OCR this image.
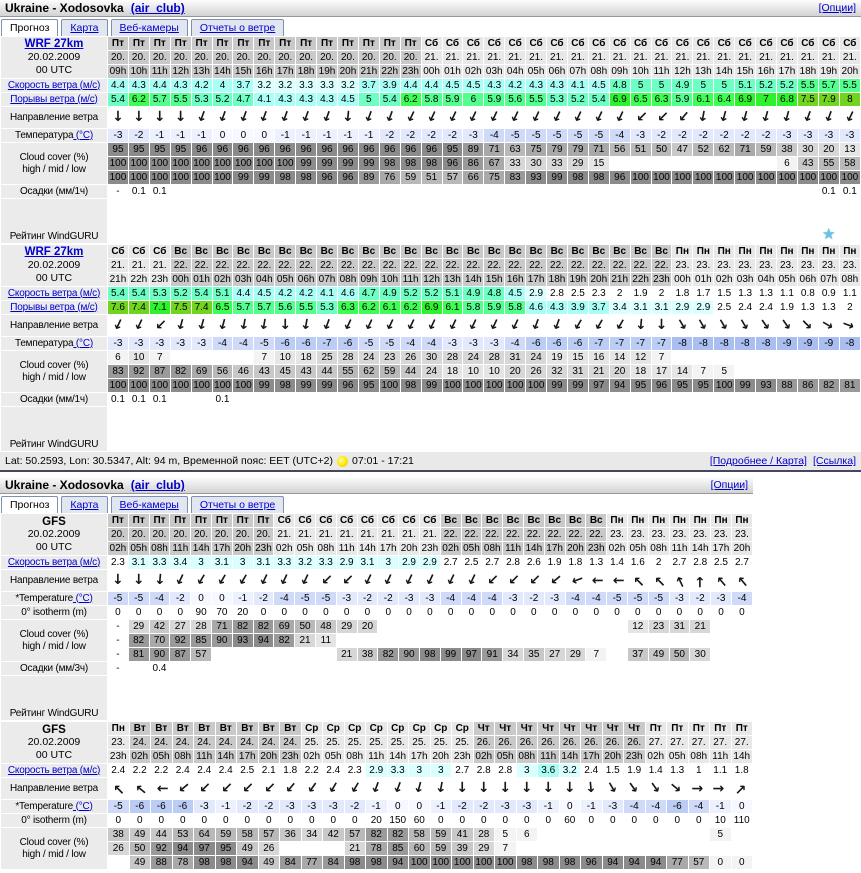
Ukraine - Xodosovka (air_club)	[Опции]
Прогноз	Карта	Веб-камеры	Отчеты о ветре
WRF 27km
20.02.2009
00 UTC	Пт	Пт	Пт	Пт	Пт	Пт	Пт	Пт	Пт	Пт	Пт	Пт	Пт	Пт	Пт	Сб	Сб	Сб	Сб	Сб	Сб	Сб	Сб	Сб	Сб	Сб	Сб	Сб	Сб	Сб	Сб	Сб	Сб	Сб	Сб	Сб
	20.	20.	20.	20.	20.	20.	20.	20.	20.	20.	20.	20.	20.	20.	20.	21.	21.	21.	21.	21.	21.	21.	21.	21.	21.	21.	21.	21.	21.	21.	21.	21.	21.	21.	21.	21.
	09h	10h	11h	12h	13h	14h	15h	16h	17h	18h	19h	20h	21h	22h	23h	00h	01h	02h	03h	04h	05h	06h	07h	08h	09h	10h	11h	12h	13h	14h	15h	16h	17h	18h	19h	20h
Скорость ветра (м/с)	4.4	4.3	4.4	4.3	4.2	4	3.7	3.2	3.2	3.3	3.3	3.2	3.7	3.9	4.4	4.4	4.5	4.5	4.3	4.2	4.3	4.3	4.1	4.5	4.8	5	5	4.9	5	5	5.1	5.2	5.2	5.5	5.7	5.5
Порывы ветра (м/с)	5.4	6.2	5.7	5.5	5.3	5.2	4.7	4.1	4.3	4.3	4.3	4.5	5	5.4	6.2	5.8	5.9	6	5.9	5.6	5.5	5.3	5.2	5.4	6.9	6.5	6.3	5.9	6.1	6.4	6.9	7	6.8	7.5	7.9	8
Направление ветра	↓	↓	↓	↓	↓	↓	↓	↓	↓	↓	↓	↓	↓	↓	↓	↓	↓	↓	↓	↓	↓	↓	↓	↓	↓	↓	↓	↓	↓	↓	↓	↓	↓	↓	↓	↓
Температура (°C)	-3	-2	-1	-1	-1	0	0	0	-1	-1	-1	-1	-1	-2	-2	-2	-2	-3	-4	-5	-5	-5	-5	-5	-4	-3	-2	-2	-2	-2	-2	-2	-3	-3	-3	-3

Cloud cover (%)
high / mid / low	95	95	95	95	96	96	96	96	96	96	96	96	96	96	96	96	95	89	71	63	75	79	79	71	56	51	50	47	52	62	71	59	38	30	20	13
	100	100	100	100	100	100	100	100	100	99	99	99	99	98	98	98	96	86	67	33	30	33	29	15									6	43	55	58
	100	100	100	100	100	100	99	99	98	98	96	96	89	76	59	51	57	66	75	83	93	99	98	98	96	100	100	100	100	100	100	100	100	100	100	100
Осадки (мм/1ч)	-	0.1	0.1																																0.1	0.1
Рейтинг WindGURU																																			★	
WRF 27km
20.02.2009
00 UTC	Сб	Сб	Сб	Вс	Вс	Вс	Вс	Вс	Вс	Вс	Вс	Вс	Вс	Вс	Вс	Вс	Вс	Вс	Вс	Вс	Вс	Вс	Вс	Вс	Вс	Вс	Вс	Пн	Пн	Пн	Пн	Пн	Пн	Пн	Пн	Пн
	21.	21.	21.	22.	22.	22.	22.	22.	22.	22.	22.	22.	22.	22.	22.	22.	22.	22.	22.	22.	22.	22.	22.	22.	22.	22.	22.	23.	23.	23.	23.	23.	23.	23.	23.	23.
	21h	22h	23h	00h	01h	02h	03h	04h	05h	06h	07h	08h	09h	10h	11h	12h	13h	14h	15h	16h	17h	18h	19h	20h	21h	22h	23h	00h	01h	02h	03h	04h	05h	06h	07h	08h
Скорость ветра (м/с)	5.4	5.4	5.3	5.2	5.4	5.1	4.4	4.5	4.2	4.2	4.1	4.6	4.7	4.9	5.2	5.2	5.1	4.9	4.8	4.5	2.9	2.8	2.5	2.3	2	1.9	2	1.8	1.7	1.5	1.3	1.3	1.1	0.8	0.9	1.1
Порывы ветра (м/с)	7.6	7.4	7.1	7.5	7.4	6.5	5.7	5.7	5.6	5.5	5.3	6.3	6.2	6.1	6.2	6.9	6.1	5.8	5.9	5.8	4.6	4.3	3.9	3.7	3.4	3.1	3.1	2.9	2.9	2.5	2.4	2.4	1.9	1.3	1.3	2
Направление ветра	↓	↓	↓	↓	↓	↓	↓	↓	↓	↓	↓	↓	↓	↓	↓	↓	↓	↓	↓	↓	↓	↓	↓	↓	↓	↓	↓	↓	↓	↓	↓	↓	↓	↓	↓	↓
Температура (°C)	-3	-3	-3	-3	-3	-4	-4	-5	-6	-6	-7	-6	-5	-5	-4	-4	-3	-3	-3	-4	-6	-6	-6	-7	-7	-7	-7	-8	-8	-8	-8	-8	-9	-9	-9	-8

Cloud cover (%)
high / mid / low	6	10	7					7	10	18	25	28	24	23	26	30	28	24	28	31	24	19	15	16	14	12	7									
	83	92	87	82	69	56	46	43	45	43	44	55	62	59	44	24	18	10	10	20	26	32	31	21	20	18	17	14	7	5						
	100	100	100	100	100	100	100	99	98	99	99	96	95	100	98	99	100	100	100	100	100	99	99	97	94	95	96	95	95	100	99	93	88	86	82	81
Осадки (мм/1ч)	0.1	0.1	0.1			0.1																														
Рейтинг WindGURU																																				
Lat: 50.2593, Lon: 30.5347, Alt: 94 m, Временной пояс: EET (UTC+2) 07:01 - 17:21	[Подробнее / Карта] [Ссылка]
Ukraine - Xodosovka (air_club)	[Опции]
Прогноз	Карта	Веб-камеры	Отчеты о ветре
GFS
20.02.2009
00 UTC	Пт	Пт	Пт	Пт	Пт	Пт	Пт	Пт	Сб	Сб	Сб	Сб	Сб	Сб	Сб	Сб	Вс	Вс	Вс	Вс	Вс	Вс	Вс	Вс	Пн	Пн	Пн	Пн	Пн	Пн	Пн
	20.	20.	20.	20.	20.	20.	20.	20.	21.	21.	21.	21.	21.	21.	21.	21.	22.	22.	22.	22.	22.	22.	22.	22.	23.	23.	23.	23.	23.	23.	23.
	02h	05h	08h	11h	14h	17h	20h	23h	02h	05h	08h	11h	14h	17h	20h	23h	02h	05h	08h	11h	14h	17h	20h	23h	02h	05h	08h	11h	14h	17h	20h
Скорость ветра (м/с)	2.3	3.1	3.3	3.4	3	3.1	3	3.1	3.3	3.2	3.3	2.9	3.1	3	2.9	2.9	2.7	2.5	2.7	2.8	2.6	1.9	1.8	1.3	1.4	1.6	2	2.7	2.8	2.5	2.7
Направление ветра	↓	↓	↓	↓	↓	↓	↓	↓	↓	↓	↓	↓	↓	↓	↓	↓	↓	↓	↓	↓	↓	↓	↓	↓	↓	↓	↓	↓	↓	↓	↓
*Temperature (°C)	-5	-5	-4	-2	0	0	-1	-2	-4	-5	-5	-3	-2	-2	-3	-3	-4	-4	-4	-3	-2	-3	-4	-4	-5	-5	-5	-3	-2	-3	-4
0° isotherm (m)	0	0	0	0	90	70	20	0	0	0	0	0	0	0	0	0	0	0	0	0	0	0	0	0	0	0	0	0	0	0	0

Cloud cover (%)
high / mid / low	-	29	42	27	28	71	82	82	69	50	48	29	20													12	23	31	21		
	-	82	70	92	85	90	93	94	82	21	11																				
	-	81	90	87	57							21	38	82	90	98	99	97	91	34	35	27	29	7		37	49	50	30		
Осадки (мм/3ч)	-		0.4																												
Рейтинг WindGURU																															
GFS
20.02.2009
00 UTC	Пн	Вт	Вт	Вт	Вт	Вт	Вт	Вт	Вт	Ср	Ср	Ср	Ср	Ср	Ср	Ср	Ср	Чт	Чт	Чт	Чт	Чт	Чт	Чт	Чт	Пт	Пт	Пт	Пт	Пт
	23.	24.	24.	24.	24.	24.	24.	24.	24.	25.	25.	25.	25.	25.	25.	25.	25.	26.	26.	26.	26.	26.	26.	26.	26.	27.	27.	27.	27.	27.
	23h	02h	05h	08h	11h	14h	17h	20h	23h	02h	05h	08h	11h	14h	17h	20h	23h	02h	05h	08h	11h	14h	17h	20h	23h	02h	05h	08h	11h	14h
Скорость ветра (м/с)	2.4	2.2	2.2	2.4	2.4	2.4	2.5	2.1	1.8	2.2	2.4	2.3	2.9	3.3	3	3	2.7	2.8	2.8	3	3.6	3.2	2.4	1.5	1.9	1.4	1.3	1	1.1	1.8
Направление ветра	↓	↓	↓	↓	↓	↓	↓	↓	↓	↓	↓	↓	↓	↓	↓	↓	↓	↓	↓	↓	↓	↓	↓	↓	↓	↓	↓	↓	↓	↓
*Temperature (°C)	-5	-6	-6	-6	-3	-1	-2	-2	-3	-3	-3	-2	-1	0	0	-1	-2	-2	-3	-3	-1	0	-1	-3	-4	-4	-6	-4	-1	0
0° isotherm (m)	0	0	0	0	0	0	0	0	0	0	0	0	20	150	60	0	0	0	0	0	0	60	0	0	0	0	0	0	10	110

Cloud cover (%)
high / mid / low	38	49	44	53	64	59	58	57	36	34	42	57	82	82	58	59	41	28	5	6									5	
	26	50	92	94	97	95	49	26				21	78	85	60	59	39	29	7											
		49	88	78	98	98	94	49	84	77	84	98	98	94	100	100	100	100	100	98	98	98	96	94	94	94	77	57	0	0
